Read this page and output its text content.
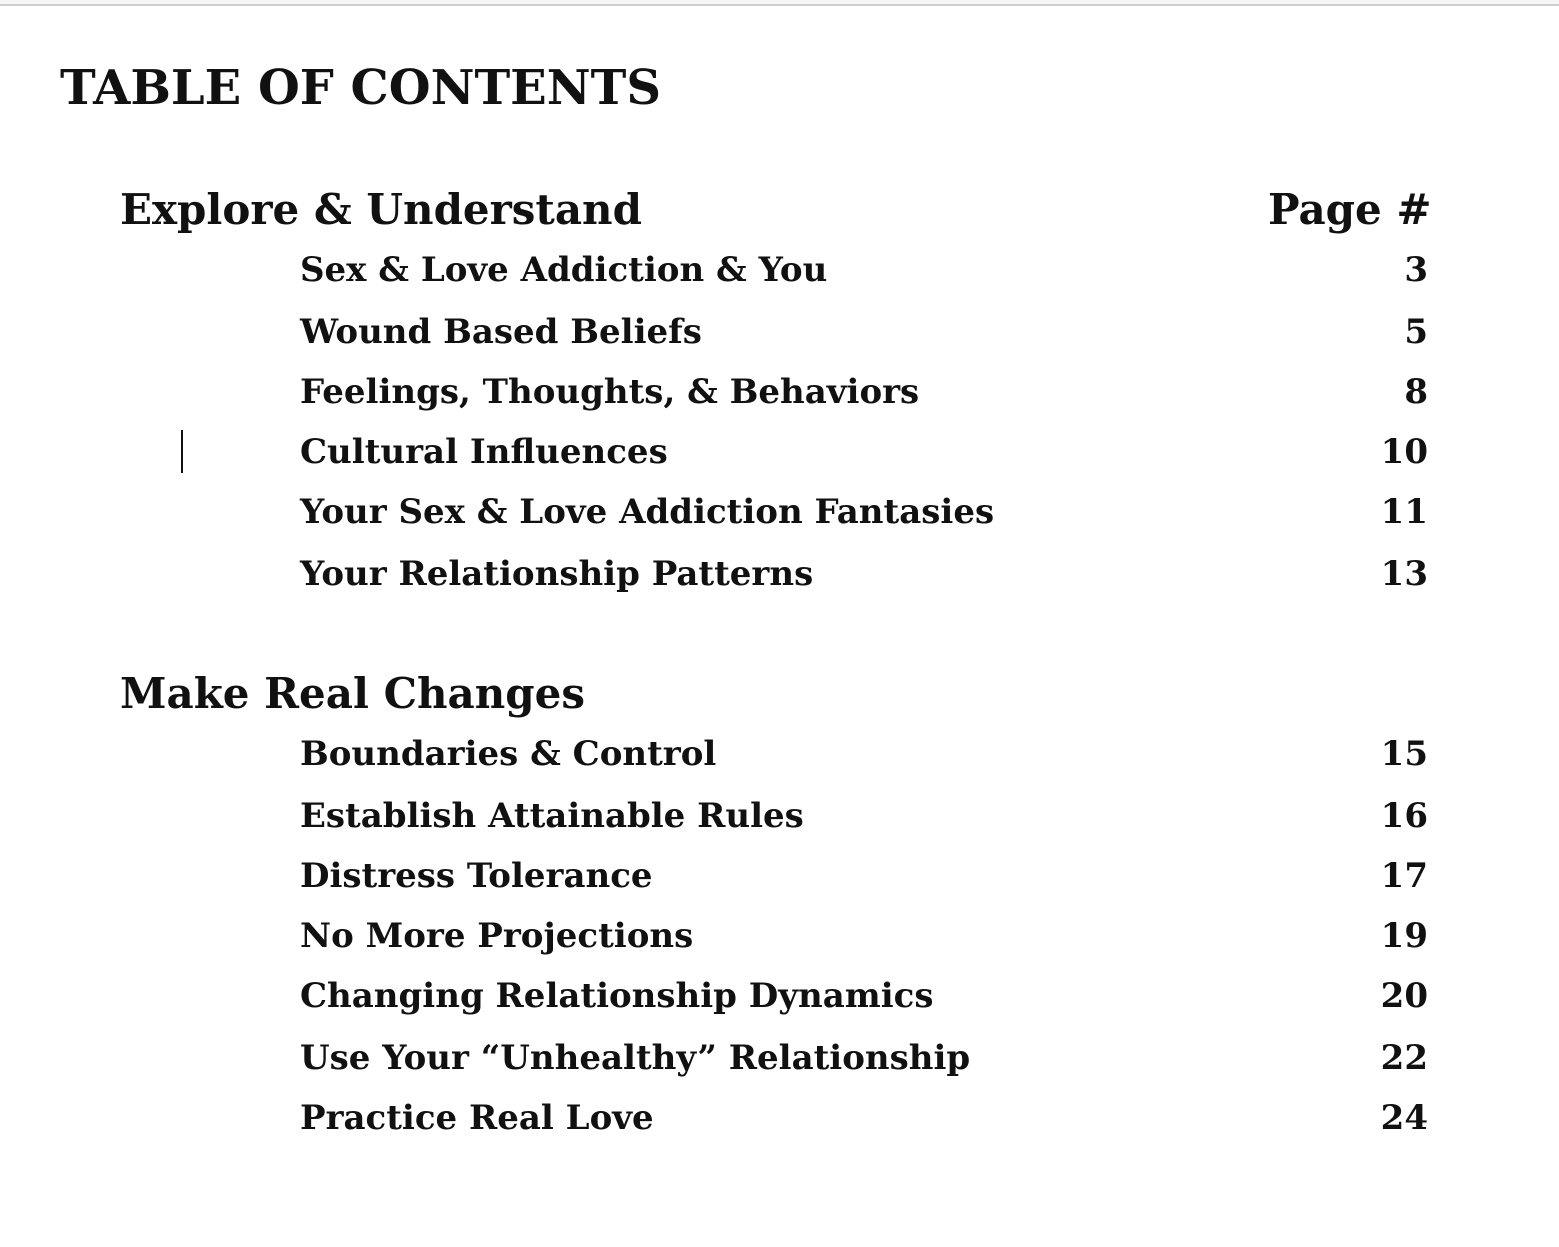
TABLE OF CONTENTS
Explore & Understand	Page #
Sex & Love Addiction & You	3
Wound Based Beliefs	5
Feelings, Thoughts, & Behaviors	8
Cultural Influences	10
Your Sex & Love Addiction Fantasies	11
Your Relationship Patterns	13
Make Real Changes
Boundaries & Control	15
Establish Attainable Rules	16
Distress Tolerance	17
No More Projections	19
Changing Relationship Dynamics	20
Use Your “Unhealthy” Relationship	22
Practice Real Love	24
